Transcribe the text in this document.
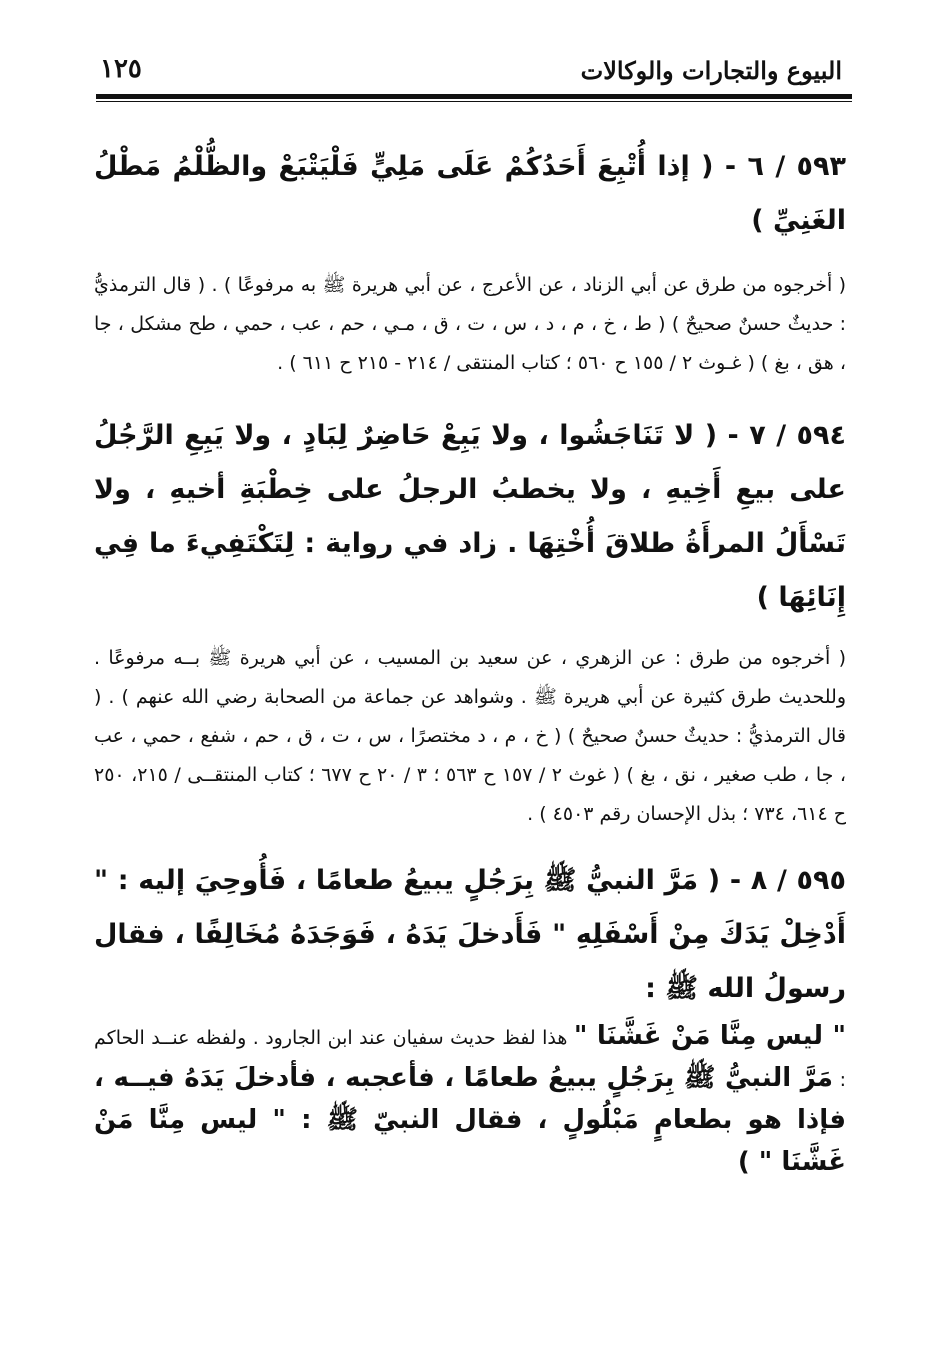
البيوع والتجارات والوكالات
١٢٥

٥٩٣ / ٦ - ( إذا أُتْبِعَ أَحَدُكُمْ عَلَى مَلِيٍّ فَلْيَتْبَعْ والظُّلْمُ مَطْلُ الغَنِيِّ )

( أخرجوه من طرق عن أبي الزناد ، عن الأعرج ، عن أبي هريرة ﷺ به مرفوعًا ) . ( قال الترمذيُّ : حديثٌ حسنٌ صحيحٌ ) ( ط ، خ ، م ، د ، س ، ت ، ق ، مـي ، حم ، عب ، حمي ، طح مشكل ، جا ، هق ، بغ ) ( غـوث ٢ / ١٥٥ ح ٥٦٠ ؛ كتاب المنتقى / ٢١٤ - ٢١٥ ح ٦١١ ) .

٥٩٤ / ٧ - ( لا تَنَاجَشُوا ، ولا يَبِعْ حَاضِرٌ لِبَادٍ ، ولا يَبِعِ الرَّجُلُ على بيعِ أَخِيهِ ، ولا يخطبُ الرجلُ على خِطْبَةِ أخيهِ ، ولا تَسْأَلُ المرأَةُ طلاقَ أُخْتِهَا . زاد في رواية : لِتَكْتَفِيءَ ما فِي إِنَائِهَا )

( أخرجوه من طرق : عن الزهري ، عن سعيد بن المسيب ، عن أبي هريرة ﷺ بــه مرفوعًا . وللحديث طرق كثيرة عن أبي هريرة ﷺ . وشواهد عن جماعة من الصحابة رضي الله عنهم ) . ( قال الترمذيُّ : حديثٌ حسنٌ صحيحٌ ) ( خ ، م ، د مختصرًا ، س ، ت ، ق ، حم ، شفع ، حمي ، عب ، جا ، طب صغير ، نق ، بغ ) ( غوث ٢ / ١٥٧ ح ٥٦٣ ؛ ٣ / ٢٠ ح ٦٧٧ ؛ كتاب المنتقــى / ٢١٥، ٢٥٠ ح ٦١٤، ٧٣٤ ؛ بذل الإحسان رقم ٤٥٠٣ ) .

٥٩٥ / ٨ - ( مَرَّ النبيُّ ﷺ بِرَجُلٍ يبيعُ طعامًا ، فَأُوحِيَ إليه : " أَدْخِلْ يَدَكَ مِنْ أَسْفَلِهِ " فَأَدخلَ يَدَهُ ، فَوَجَدَهُ مُخَالِفًا ، فقال رسولُ الله ﷺ :

" ليس مِنَّا مَنْ غَشَّنَا " هذا لفظ حديث سفيان عند ابن الجارود . ولفظه عنــد الحاكم : مَرَّ النبيُّ ﷺ بِرَجُلٍ يبيعُ طعامًا ، فأعجبه ، فأدخلَ يَدَهُ فيــه ، فإذا هو بطعامٍ مَبْلُولٍ ، فقال النبيّ ﷺ : " ليس مِنَّا مَنْ غَشَّنَا " )
